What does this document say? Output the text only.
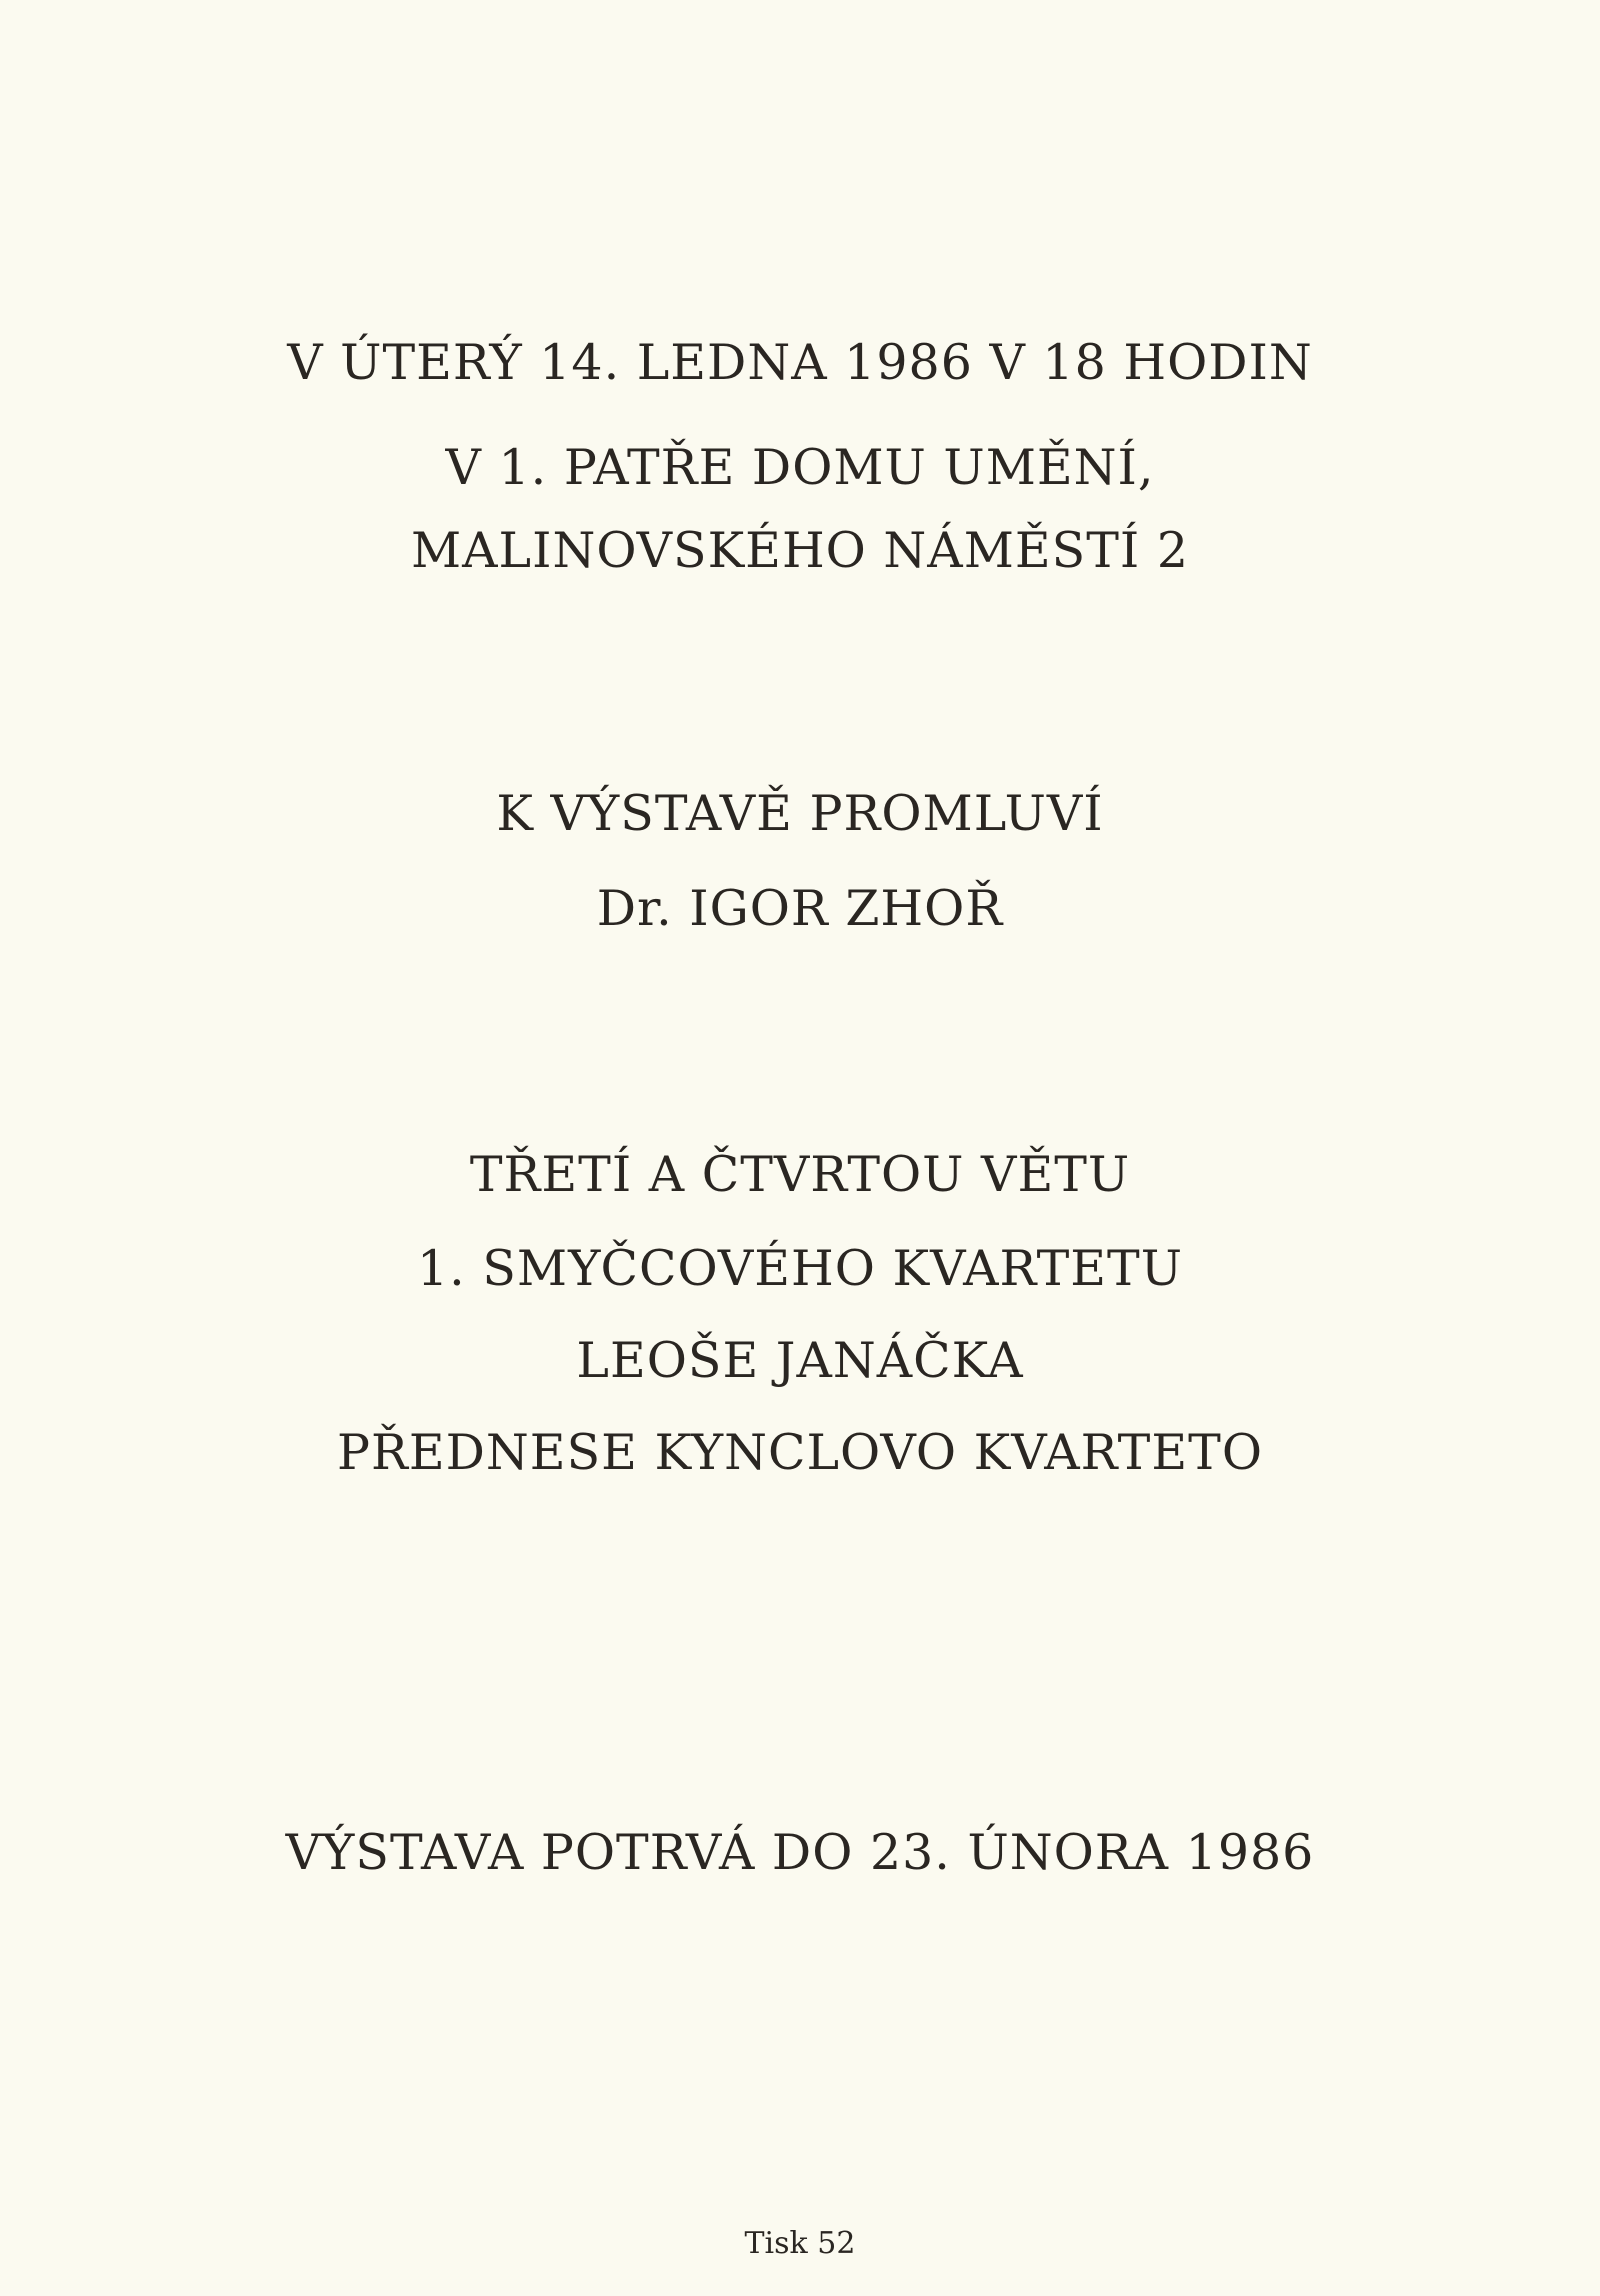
V ÚTERÝ 14. LEDNA 1986 V 18 HODIN
V 1. PATŘE DOMU UMĚNÍ,
MALINOVSKÉHO NÁMĚSTÍ 2
K VÝSTAVĚ PROMLUVÍ
Dr. IGOR ZHOŘ
TŘETÍ A ČTVRTOU VĚTU
1. SMYČCOVÉHO KVARTETU
LEOŠE JANÁČKA
PŘEDNESE KYNCLOVO KVARTETO
VÝSTAVA POTRVÁ DO 23. ÚNORA 1986
Tisk 52
